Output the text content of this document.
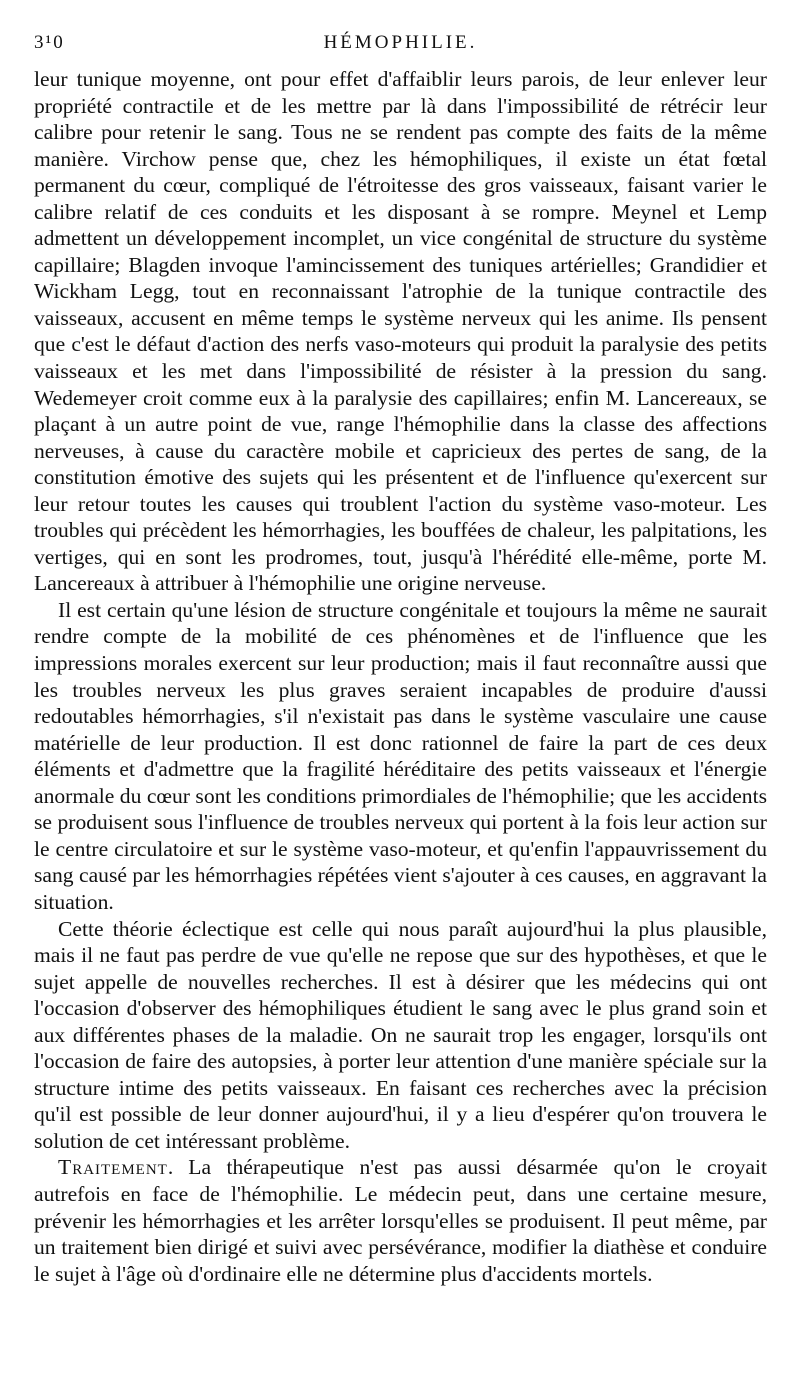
3​¹0	HÉMOPHILIE.

leur tunique moyenne, ont pour effet d'affaiblir leurs parois, de leur enlever leur propriété contractile et de les mettre par là dans l'impossibilité de rétrécir leur calibre pour retenir le sang. Tous ne se rendent pas compte des faits de la même manière. Virchow pense que, chez les hémophiliques, il existe un état fœtal permanent du cœur, compliqué de l'étroitesse des gros vaisseaux, faisant varier le calibre relatif de ces conduits et les disposant à se rompre. Meynel et Lemp admettent un développement incomplet, un vice congénital de structure du système capillaire; Blagden invoque l'amincissement des tuniques artérielles; Grandidier et Wickham Legg, tout en reconnaissant l'atrophie de la tunique contractile des vaisseaux, accusent en même temps le système nerveux qui les anime. Ils pensent que c'est le défaut d'action des nerfs vaso-moteurs qui produit la paralysie des petits vaisseaux et les met dans l'impossibilité de résister à la pression du sang. Wedemeyer croit comme eux à la paralysie des capillaires; enfin M. Lancereaux, se plaçant à un autre point de vue, range l'hémophilie dans la classe des affections nerveuses, à cause du caractère mobile et capricieux des pertes de sang, de la constitution émotive des sujets qui les présentent et de l'influence qu'exercent sur leur retour toutes les causes qui troublent l'action du système vaso-moteur. Les troubles qui précèdent les hémorrhagies, les bouffées de chaleur, les palpitations, les vertiges, qui en sont les prodromes, tout, jusqu'à l'hérédité elle-même, porte M. Lancereaux à attribuer à l'hémophilie une origine nerveuse.

Il est certain qu'une lésion de structure congénitale et toujours la même ne saurait rendre compte de la mobilité de ces phénomènes et de l'influence que les impressions morales exercent sur leur production; mais il faut reconnaître aussi que les troubles nerveux les plus graves seraient incapables de produire d'aussi redoutables hémorrhagies, s'il n'existait pas dans le système vasculaire une cause matérielle de leur production. Il est donc rationnel de faire la part de ces deux éléments et d'admettre que la fragilité héréditaire des petits vaisseaux et l'énergie anormale du cœur sont les conditions primordiales de l'hémophilie; que les accidents se produisent sous l'influence de troubles nerveux qui portent à la fois leur action sur le centre circulatoire et sur le système vaso-moteur, et qu'enfin l'appauvrissement du sang causé par les hémorrhagies répétées vient s'ajouter à ces causes, en aggravant la situation.

Cette théorie éclectique est celle qui nous paraît aujourd'hui la plus plausible, mais il ne faut pas perdre de vue qu'elle ne repose que sur des hypothèses, et que le sujet appelle de nouvelles recherches. Il est à désirer que les médecins qui ont l'occasion d'observer des hémophiliques étudient le sang avec le plus grand soin et aux différentes phases de la maladie. On ne saurait trop les engager, lorsqu'ils ont l'occasion de faire des autopsies, à porter leur attention d'une manière spéciale sur la structure intime des petits vaisseaux. En faisant ces recherches avec la précision qu'il est possible de leur donner aujourd'hui, il y a lieu d'espérer qu'on trouvera le solution de cet intéressant problème.

Traitement. La thérapeutique n'est pas aussi désarmée qu'on le croyait autrefois en face de l'hémophilie. Le médecin peut, dans une certaine mesure, prévenir les hémorrhagies et les arrêter lorsqu'elles se produisent. Il peut même, par un traitement bien dirigé et suivi avec persévérance, modifier la diathèse et conduire le sujet à l'âge où d'ordinaire elle ne détermine plus d'accidents mortels.
